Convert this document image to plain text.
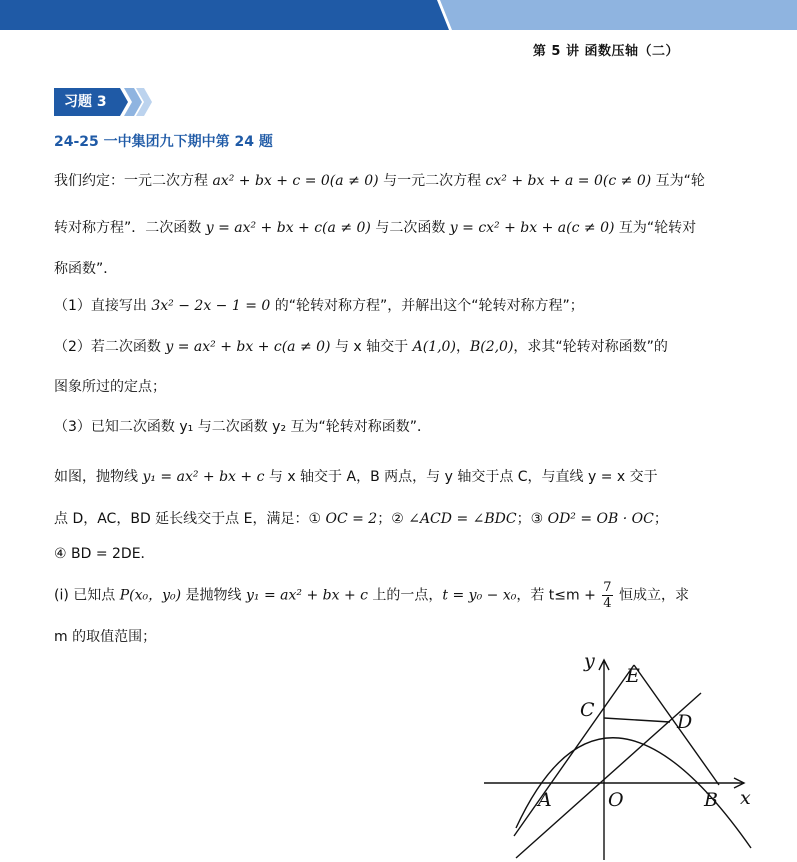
第 5 讲 函数压轴（二）
习题 3
24-25 一中集团九下期中第 24 题
我们约定：一元二次方程 ax² + bx + c = 0(a ≠ 0) 与一元二次方程 cx² + bx + a = 0(c ≠ 0) 互为“轮
转对称方程”．二次函数 y = ax² + bx + c(a ≠ 0) 与二次函数 y = cx² + bx + a(c ≠ 0) 互为“轮转对
称函数”．
（1）直接写出 3x² − 2x − 1 = 0 的“轮转对称方程”，并解出这个“轮转对称方程”；
（2）若二次函数 y = ax² + bx + c(a ≠ 0) 与 x 轴交于 A(1,0)，B(2,0)，求其“轮转对称函数”的
图象所过的定点；
（3）已知二次函数 y₁ 与二次函数 y₂ 互为“轮转对称函数”．
如图，抛物线 y₁ = ax² + bx + c 与 x 轴交于 A，B 两点，与 y 轴交于点 C，与直线 y = x 交于
点 D，AC，BD 延长线交于点 E，满足：① OC = 2；② ∠ACD = ∠BDC；③ OD² = OB · OC；
④ BD = 2DE．
(i) 已知点 P(x₀，y₀) 是抛物线 y₁ = ax² + bx + c 上的一点，t = y₀ − x₀，若 $t\le m + \frac{7}{4}$ 恒成立，求
m 的取值范围；
y
x
E
C
D
A	O	B
